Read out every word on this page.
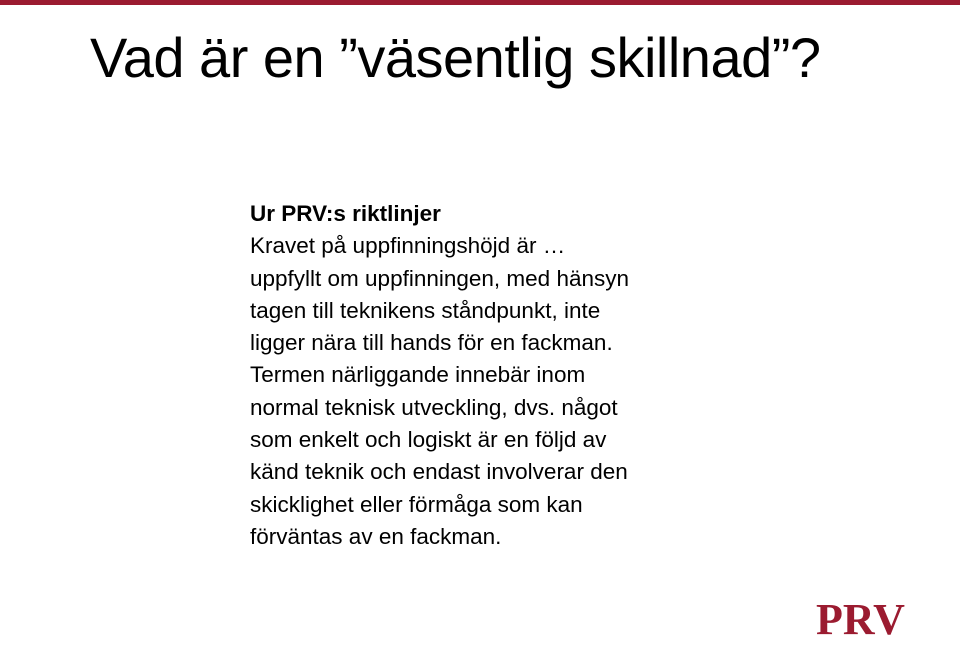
Vad är en ”väsentlig skillnad”?
Ur PRV:s riktlinjer
Kravet på uppfinningshöjd är …
uppfyllt om uppfinningen, med hänsyn
tagen till teknikens ståndpunkt, inte
ligger nära till hands för en fackman.
Termen närliggande innebär inom
normal teknisk utveckling, dvs. något
som enkelt och logiskt är en följd av
känd teknik och endast involverar den
skicklighet eller förmåga som kan
förväntas av en fackman.
PRV
